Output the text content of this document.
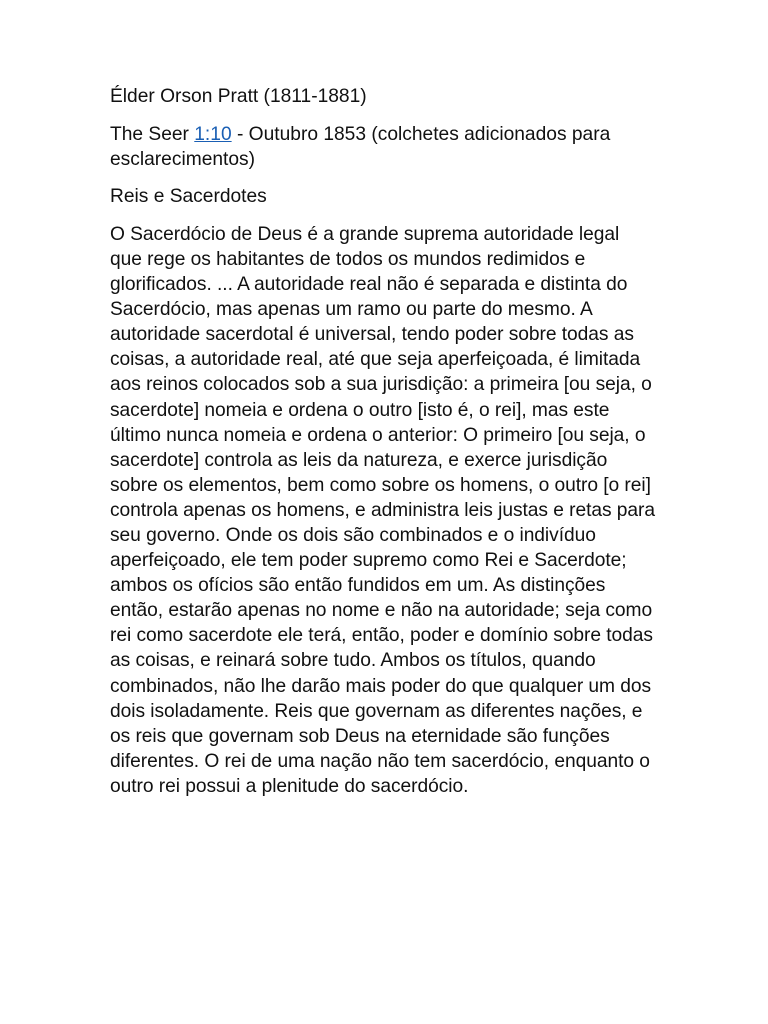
Élder Orson Pratt (1811-1881)

The Seer 1:10 - Outubro 1853 (colchetes adicionados para esclarecimentos)

Reis e Sacerdotes

O Sacerdócio de Deus é a grande suprema autoridade legal que rege os habitantes de todos os mundos redimidos e glorificados. ... A autoridade real não é separada e distinta do Sacerdócio, mas apenas um ramo ou parte do mesmo. A autoridade sacerdotal é universal, tendo poder sobre todas as coisas, a autoridade real, até que seja aperfeiçoada, é limitada aos reinos colocados sob a sua jurisdição: a primeira [ou seja, o sacerdote] nomeia e ordena o outro [isto é, o rei], mas este último nunca nomeia e ordena o anterior: O primeiro [ou seja, o sacerdote] controla as leis da natureza, e exerce jurisdição sobre os elementos, bem como sobre os homens, o outro [o rei] controla apenas os homens, e administra leis justas e retas para seu governo. Onde os dois são combinados e o indivíduo aperfeiçoado, ele tem poder supremo como Rei e Sacerdote; ambos os ofícios são então fundidos em um. As distinções então, estarão apenas no nome e não na autoridade; seja como rei como sacerdote ele terá, então, poder e domínio sobre todas as coisas, e reinará sobre tudo. Ambos os títulos, quando combinados, não lhe darão mais poder do que qualquer um dos dois isoladamente. Reis que governam as diferentes nações, e os reis que governam sob Deus na eternidade são funções diferentes. O rei de uma nação não tem sacerdócio, enquanto o outro rei possui a plenitude do sacerdócio.
